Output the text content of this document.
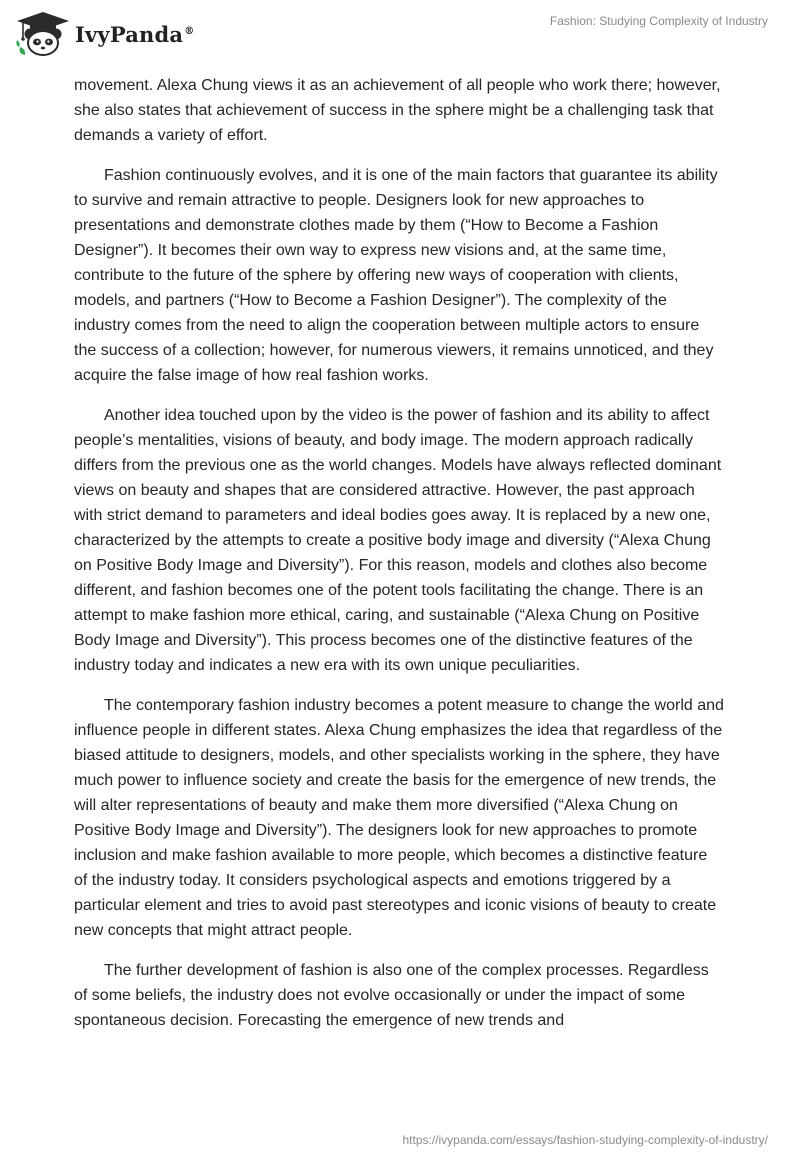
IvyPanda®
Fashion: Studying Complexity of Industry

movement. Alexa Chung views it as an achievement of all people who work there; however, she also states that achievement of success in the sphere might be a challenging task that demands a variety of effort.

Fashion continuously evolves, and it is one of the main factors that guarantee its ability to survive and remain attractive to people. Designers look for new approaches to presentations and demonstrate clothes made by them (“How to Become a Fashion Designer”). It becomes their own way to express new visions and, at the same time, contribute to the future of the sphere by offering new ways of cooperation with clients, models, and partners (“How to Become a Fashion Designer”). The complexity of the industry comes from the need to align the cooperation between multiple actors to ensure the success of a collection; however, for numerous viewers, it remains unnoticed, and they acquire the false image of how real fashion works.

Another idea touched upon by the video is the power of fashion and its ability to affect people’s mentalities, visions of beauty, and body image. The modern approach radically differs from the previous one as the world changes. Models have always reflected dominant views on beauty and shapes that are considered attractive. However, the past approach with strict demand to parameters and ideal bodies goes away. It is replaced by a new one, characterized by the attempts to create a positive body image and diversity (“Alexa Chung on Positive Body Image and Diversity”). For this reason, models and clothes also become different, and fashion becomes one of the potent tools facilitating the change. There is an attempt to make fashion more ethical, caring, and sustainable (“Alexa Chung on Positive Body Image and Diversity”). This process becomes one of the distinctive features of the industry today and indicates a new era with its own unique peculiarities.

The contemporary fashion industry becomes a potent measure to change the world and influence people in different states. Alexa Chung emphasizes the idea that regardless of the biased attitude to designers, models, and other specialists working in the sphere, they have much power to influence society and create the basis for the emergence of new trends, the will alter representations of beauty and make them more diversified (“Alexa Chung on Positive Body Image and Diversity”). The designers look for new approaches to promote inclusion and make fashion available to more people, which becomes a distinctive feature of the industry today. It considers psychological aspects and emotions triggered by a particular element and tries to avoid past stereotypes and iconic visions of beauty to create new concepts that might attract people.

The further development of fashion is also one of the complex processes. Regardless of some beliefs, the industry does not evolve occasionally or under the impact of some spontaneous decision. Forecasting the emergence of new trends and

https://ivypanda.com/essays/fashion-studying-complexity-of-industry/
